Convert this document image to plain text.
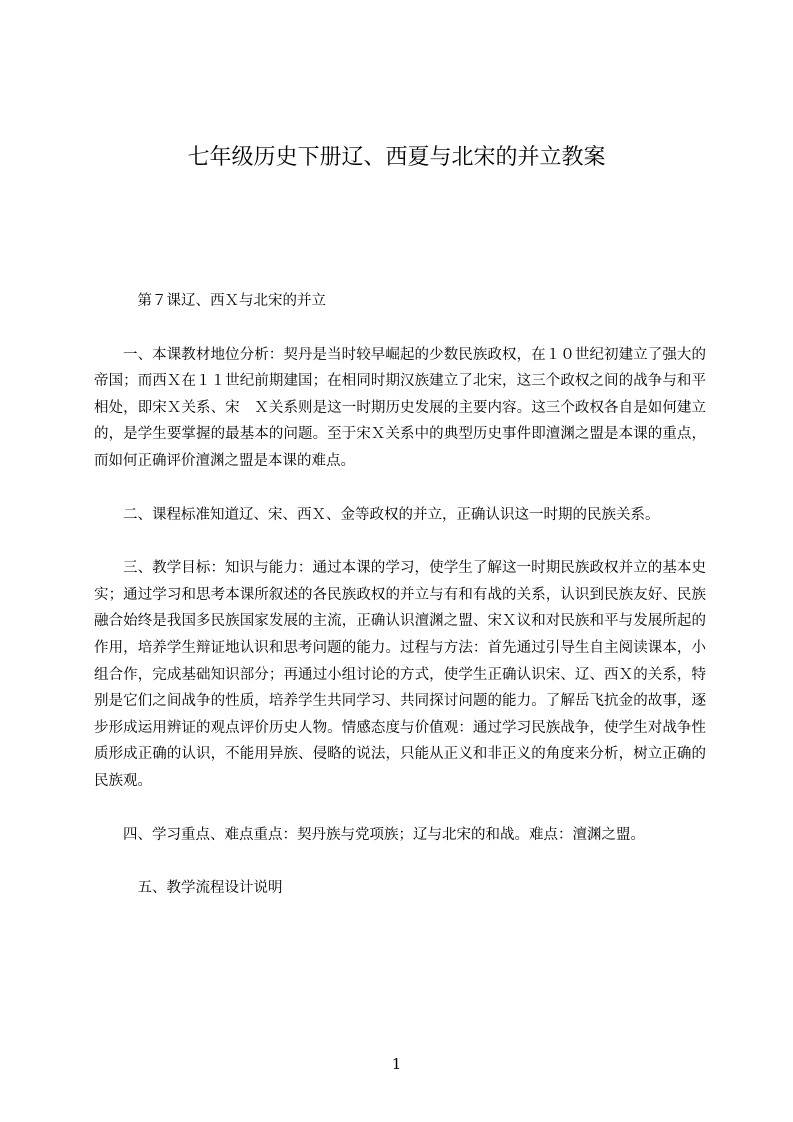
七年级历史下册辽、西夏与北宋的并立教案

第７课辽、西Ｘ与北宋的并立

一、本课教材地位分析：契丹是当时较早崛起的少数民族政权，在１０世纪初建立了强大的帝国；而西Ｘ在１１世纪前期建国；在相同时期汉族建立了北宋，这三个政权之间的战争与和平相处，即宋Ｘ关系、宋　Ｘ关系则是这一时期历史发展的主要内容。这三个政权各自是如何建立的，是学生要掌握的最基本的问题。至于宋Ｘ关系中的典型历史事件即澶渊之盟是本课的重点，而如何正确评价澶渊之盟是本课的难点。

二、课程标准知道辽、宋、西Ｘ、金等政权的并立，正确认识这一时期的民族关系。

三、教学目标：知识与能力：通过本课的学习，使学生了解这一时期民族政权并立的基本史实；通过学习和思考本课所叙述的各民族政权的并立与有和有战的关系，认识到民族友好、民族融合始终是我国多民族国家发展的主流，正确认识澶渊之盟、宋Ｘ议和对民族和平与发展所起的作用，培养学生辩证地认识和思考问题的能力。过程与方法：首先通过引导生自主阅读课本，小组合作，完成基础知识部分；再通过小组讨论的方式，使学生正确认识宋、辽、西Ｘ的关系，特别是它们之间战争的性质，培养学生共同学习、共同探讨问题的能力。了解岳飞抗金的故事，逐步形成运用辨证的观点评价历史人物。情感态度与价值观：通过学习民族战争，使学生对战争性质形成正确的认识，不能用异族、侵略的说法，只能从正义和非正义的角度来分析，树立正确的民族观。

四、学习重点、难点重点：契丹族与党项族；辽与北宋的和战。难点：澶渊之盟。

五、教学流程设计说明

1
